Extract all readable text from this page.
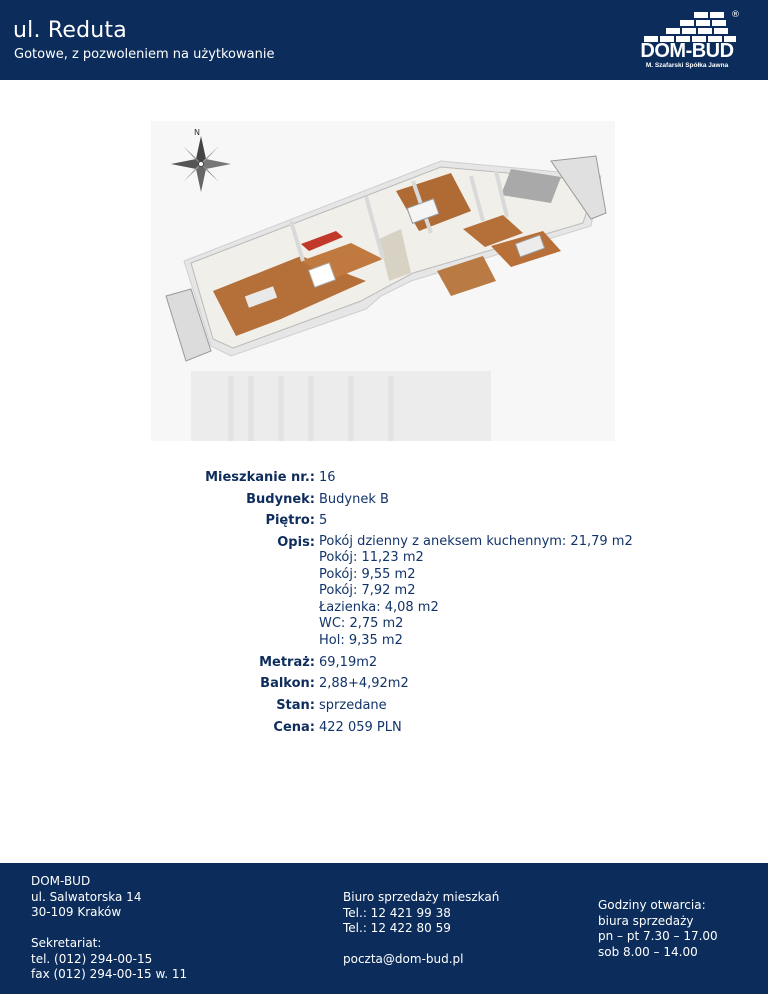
ul. Reduta
Gotowe, z pozwoleniem na użytkowanie
®
DOM-BUD
M. Szafarski Spółka Jawna
N
Mieszkanie nr.: 16
Budynek: Budynek B
Piętro: 5
Opis: Pokój dzienny z aneksem kuchennym: 21,79 m2
Pokój: 11,23 m2
Pokój: 9,55 m2
Pokój: 7,92 m2
Łazienka: 4,08 m2
WC: 2,75 m2
Hol: 9,35 m2
Metraż: 69,19m2
Balkon: 2,88+4,92m2
Stan: sprzedane
Cena: 422 059 PLN
DOM-BUD
ul. Salwatorska 14
30-109 Kraków
Sekretariat:
tel. (012) 294-00-15
fax (012) 294-00-15 w. 11
Biuro sprzedaży mieszkań
Tel.: 12 421 99 38
Tel.: 12 422 80 59
poczta@dom-bud.pl
Godziny otwarcia:
biura sprzedaży
pn – pt 7.30 – 17.00
sob 8.00 – 14.00
